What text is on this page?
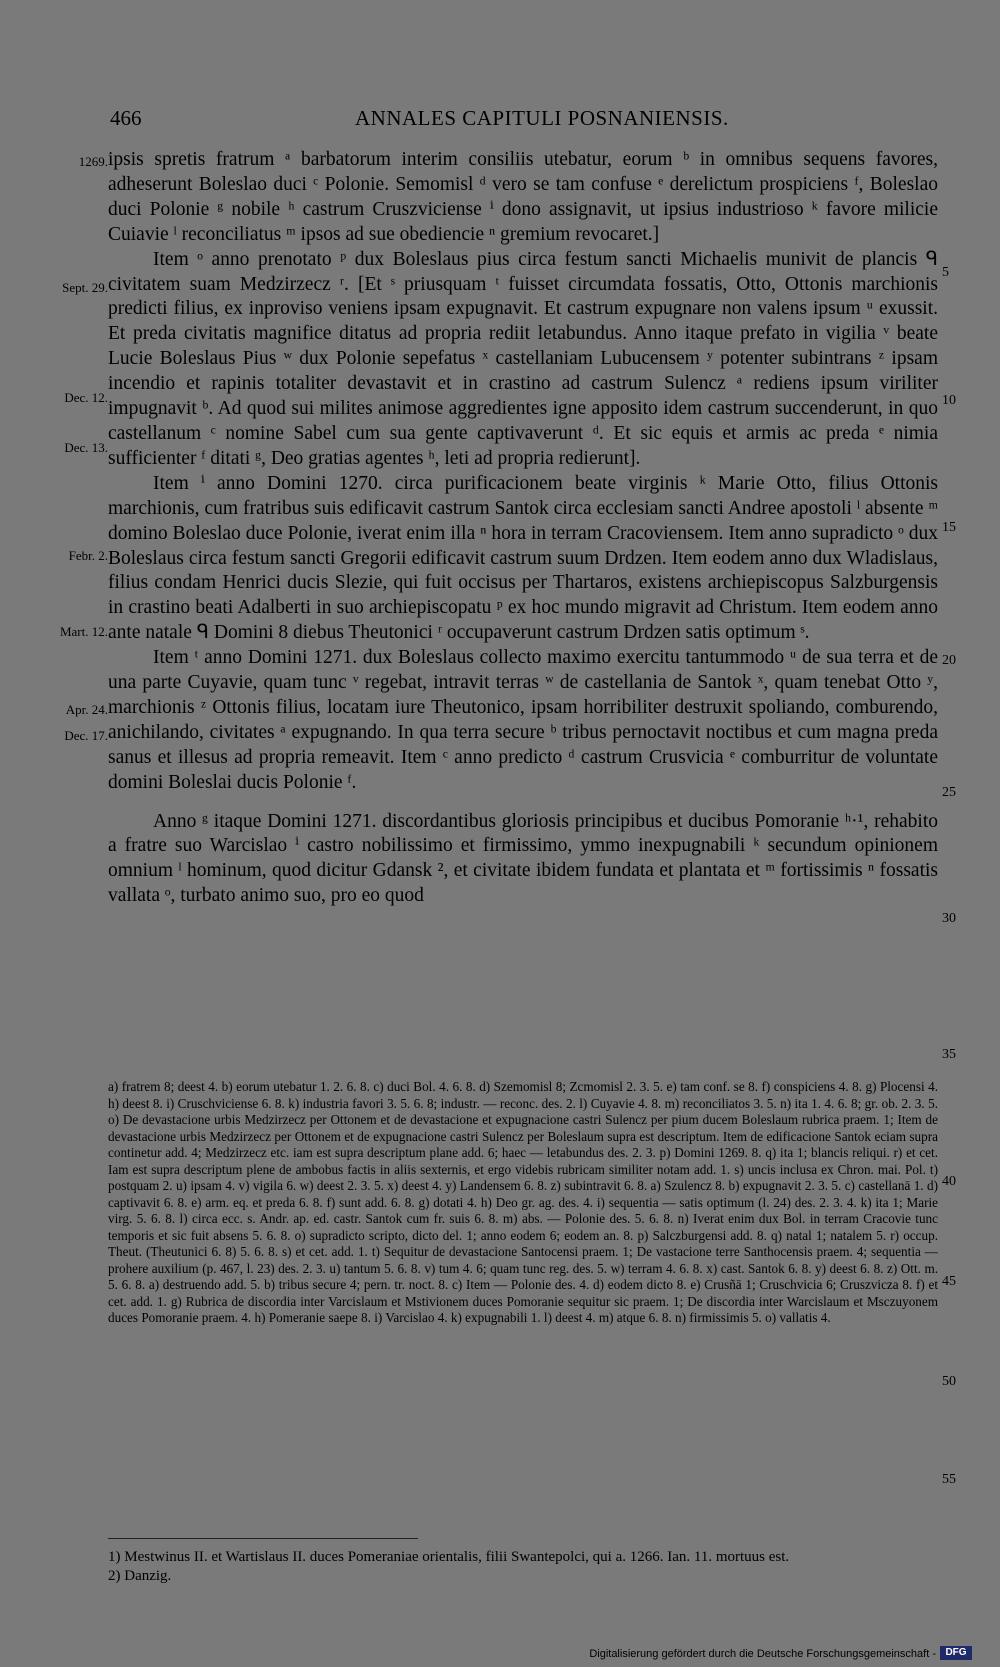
466	ANNALES CAPITULI POSNANIENSIS.
1269.
Sept. 29.
Dec. 12.
Dec. 13.
Febr. 2.
Mart. 12.
Apr. 24.
Dec. 17.
5
10
15
20
25
30
35
40
45
50
55

ipsis spretis fratrum ᵃ barbatorum interim consiliis utebatur, eorum ᵇ in omnibus sequens favores, adheserunt Boleslao duci ᶜ Polonie. Semomisl ᵈ vero se tam confuse ᵉ derelictum prospiciens ᶠ, Boleslao duci Polonie ᵍ nobile ʰ castrum Cruszviciense ⁱ dono assignavit, ut ipsius industrioso ᵏ favore milicie Cuiavie ˡ reconciliatus ᵐ ipsos ad sue obediencie ⁿ gremium revocaret.]

Item ᵒ anno prenotato ᵖ dux Boleslaus pius circa festum sancti Michaelis munivit de plancis ᑫ civitatem suam Medzirzecz ʳ. [Et ˢ priusquam ᵗ fuisset circumdata fossatis, Otto, Ottonis marchionis predicti filius, ex inproviso veniens ipsam expugnavit. Et castrum expugnare non valens ipsum ᵘ exussit. Et preda civitatis magnifice ditatus ad propria rediit letabundus. Anno itaque prefato in vigilia ᵛ beate Lucie Boleslaus Pius ʷ dux Polonie sepefatus ˣ castellaniam Lubucensem ʸ potenter subintrans ᶻ ipsam incendio et rapinis totaliter devastavit et in crastino ad castrum Sulencz ᵃ rediens ipsum viriliter impugnavit ᵇ. Ad quod sui milites animose aggredientes igne apposito idem castrum succenderunt, in quo castellanum ᶜ nomine Sabel cum sua gente captivaverunt ᵈ. Et sic equis et armis ac preda ᵉ nimia sufficienter ᶠ ditati ᵍ, Deo gratias agentes ʰ, leti ad propria redierunt].

Item ⁱ anno Domini 1270. circa purificacionem beate virginis ᵏ Marie Otto, filius Ottonis marchionis, cum fratribus suis edificavit castrum Santok circa ecclesiam sancti Andree apostoli ˡ absente ᵐ domino Boleslao duce Polonie, iverat enim illa ⁿ hora in terram Cracoviensem. Item anno supradicto ᵒ dux Boleslaus circa festum sancti Gregorii edificavit castrum suum Drdzen. Item eodem anno dux Wladislaus, filius condam Henrici ducis Slezie, qui fuit occisus per Thartaros, existens archiepiscopus Salzburgensis in crastino beati Adalberti in suo archiepiscopatu ᵖ ex hoc mundo migravit ad Christum. Item eodem anno ante natale ᑫ Domini 8 diebus Theutonici ʳ occupaverunt castrum Drdzen satis optimum ˢ.

Item ᵗ anno Domini 1271. dux Boleslaus collecto maximo exercitu tantummodo ᵘ de sua terra et de una parte Cuyavie, quam tunc ᵛ regebat, intravit terras ʷ de castellania de Santok ˣ, quam tenebat Otto ʸ, marchionis ᶻ Ottonis filius, locatam iure Theutonico, ipsam horribiliter destruxit spoliando, comburendo, anichilando, civitates ᵃ expugnando. In qua terra secure ᵇ tribus pernoctavit noctibus et cum magna preda sanus et illesus ad propria remeavit. Item ᶜ anno predicto ᵈ castrum Crusvicia ᵉ comburritur de voluntate domini Boleslai ducis Polonie ᶠ.

Anno ᵍ itaque Domini 1271. discordantibus gloriosis principibus et ducibus Pomoranie ʰ·¹, rehabito a fratre suo Warcislao ⁱ castro nobilissimo et firmissimo, ymmo inexpugnabili ᵏ secundum opinionem omnium ˡ hominum, quod dicitur Gdansk ², et civitate ibidem fundata et plantata et ᵐ fortissimis ⁿ fossatis vallata ᵒ, turbato animo suo, pro eo quod

a) fratrem 8; deest 4. b) eorum utebatur 1. 2. 6. 8. c) duci Bol. 4. 6. 8. d) Szemomisl 8; Zcmomisl 2. 3. 5. e) tam conf. se 8. f) conspiciens 4. 8. g) Plocensi 4. h) deest 8. i) Cruschviciense 6. 8. k) industria favori 3. 5. 6. 8; industr. — reconc. des. 2. l) Cuyavie 4. 8. m) reconciliatos 3. 5. n) ita 1. 4. 6. 8; gr. ob. 2. 3. 5. o) De devastacione urbis Medzirzecz per Ottonem et de devastacione et expugnacione castri Sulencz per pium ducem Boleslaum rubrica praem. 1; Item de devastacione urbis Medzirzecz per Ottonem et de expugnacione castri Sulencz per Boleslaum supra est descriptum. Item de edificacione Santok eciam supra continetur add. 4; Medzirzecz etc. iam est supra descriptum plane add. 6; haec — letabundus des. 2. 3. p) Domini 1269. 8. q) ita 1; blancis reliqui. r) et cet. Iam est supra descriptum plene de ambobus factis in aliis sexternis, et ergo videbis rubricam similiter notam add. 1. s) uncis inclusa ex Chron. mai. Pol. t) postquam 2. u) ipsam 4. v) vigila 6. w) deest 2. 3. 5. x) deest 4. y) Landensem 6. 8. z) subintravit 6. 8. a) Szulencz 8. b) expugnavit 2. 3. 5. c) castellanā 1. d) captivavit 6. 8. e) arm. eq. et preda 6. 8. f) sunt add. 6. 8. g) dotati 4. h) Deo gr. ag. des. 4. i) sequentia — satis optimum (l. 24) des. 2. 3. 4. k) ita 1; Marie virg. 5. 6. 8. l) circa ecc. s. Andr. ap. ed. castr. Santok cum fr. suis 6. 8. m) abs. — Polonie des. 5. 6. 8. n) Iverat enim dux Bol. in terram Cracovie tunc temporis et sic fuit absens 5. 6. 8. o) supradicto scripto, dicto del. 1; anno eodem 6; eodem an. 8. p) Salczburgensi add. 8. q) natal 1; natalem 5. r) occup. Theut. (Theutunici 6. 8) 5. 6. 8. s) et cet. add. 1. t) Sequitur de devastacione Santocensi praem. 1; De vastacione terre Santhocensis praem. 4; sequentia — prohere auxilium (p. 467, l. 23) des. 2. 3. u) tantum 5. 6. 8. v) tum 4. 6; quam tunc reg. des. 5. w) terram 4. 6. 8. x) cast. Santok 6. 8. y) deest 6. 8. z) Ott. m. 5. 6. 8. a) destruendo add. 5. b) tribus secure 4; pern. tr. noct. 8. c) Item — Polonie des. 4. d) eodem dicto 8. e) Crusñā 1; Cruschvicia 6; Cruszvicza 8. f) et cet. add. 1. g) Rubrica de discordia inter Varcislaum et Mstivionem duces Pomoranie sequitur sic praem. 1; De discordia inter Warcislaum et Msczuyonem duces Pomoranie praem. 4. h) Pomeranie saepe 8. i) Varcislao 4. k) expugnabili 1. l) deest 4. m) atque 6. 8. n) firmissimis 5. o) vallatis 4.

1) Mestwinus II. et Wartislaus II. duces Pomeraniae orientalis, filii Swantepolci, qui a. 1266. Ian. 11. mortuus est.

2) Danzig.

Digitalisierung gefördert durch die Deutsche Forschungsgemeinschaft - DFG
